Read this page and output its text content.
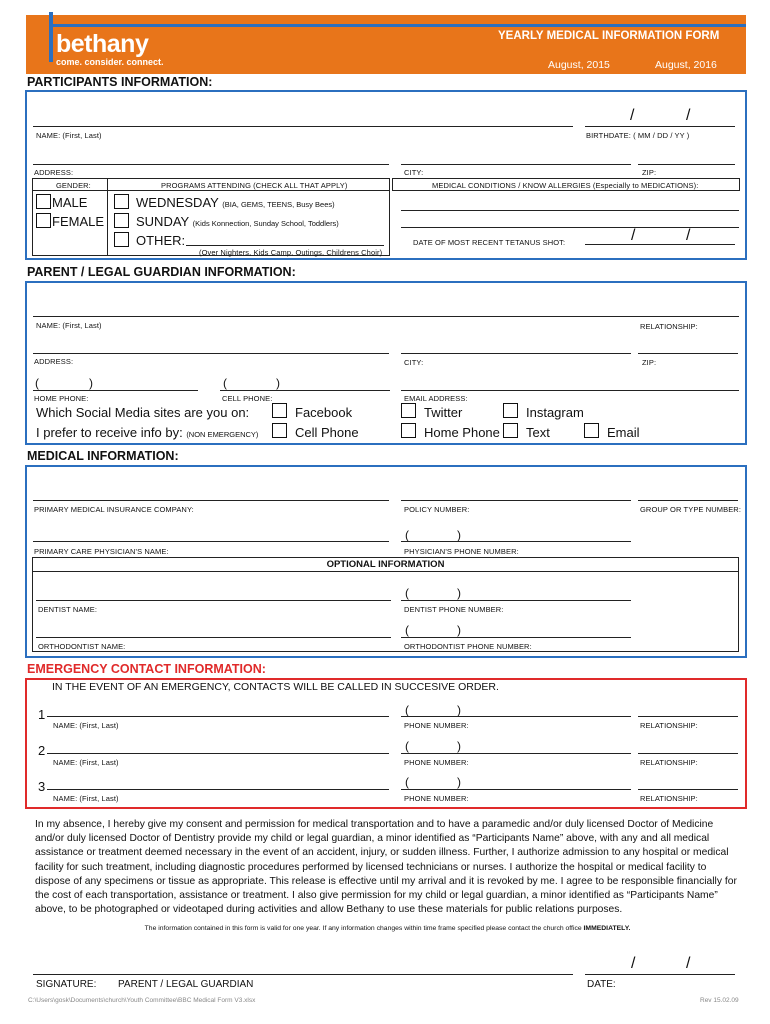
bethany
come. consider. connect.
YEARLY MEDICAL INFORMATION FORM
August, 2015	August, 2016
PARTICIPANTS INFORMATION:
/	/
NAME: (First, Last)	BIRTHDATE: ( MM / DD / YY )
ADDRESS:	CITY:	ZIP:
GENDER:	PROGRAMS ATTENDING (CHECK ALL THAT APPLY)	MEDICAL CONDITIONS / KNOW ALLERGIES (Especially to MEDICATIONS):
MALE
FEMALE
WEDNESDAY (BIA, GEMS, TEENS, Busy Bees)
SUNDAY (Kids Konnection, Sunday School, Toddlers)
OTHER:
(Over Nighters, Kids Camp, Outings, Childrens Choir)
DATE OF MOST RECENT TETANUS SHOT:	/	/
PARENT / LEGAL GUARDIAN INFORMATION:
NAME: (First, Last)	RELATIONSHIP:
ADDRESS:	CITY:	ZIP:
(	)	(	)
HOME PHONE:	CELL PHONE:	EMAIL ADDRESS:
Which Social Media sites are you on:	Facebook	Twitter	Instagram
I prefer to receive info by: (NON EMERGENCY)	Cell Phone	Home Phone Text	Email
MEDICAL INFORMATION:
PRIMARY MEDICAL INSURANCE COMPANY:	POLICY NUMBER:	GROUP OR TYPE NUMBER:
(	)
PRIMARY CARE PHYSICIAN'S NAME:	PHYSICIAN'S PHONE NUMBER:
OPTIONAL INFORMATION
(	)
DENTIST NAME:	DENTIST PHONE NUMBER:
(	)
ORTHODONTIST NAME:	ORTHODONTIST PHONE NUMBER:
EMERGENCY CONTACT INFORMATION:
IN THE EVENT OF AN EMERGENCY, CONTACTS WILL BE CALLED IN SUCCESIVE ORDER.
1	(	)
NAME: (First, Last)	PHONE NUMBER:	RELATIONSHIP:
2	(	)
NAME: (First, Last)	PHONE NUMBER:	RELATIONSHIP:
3	(	)
NAME: (First, Last)	PHONE NUMBER:	RELATIONSHIP:
In my absence, I hereby give my consent and permission for medical transportation and to have a paramedic and/or duly licensed Doctor of Medicine and/or duly licensed Doctor of Dentistry provide my child or legal guardian, a minor identified as “Participants Name” above, with any and all medical assistance or treatment deemed necessary in the event of an accident, injury, or sudden illness. Further, I authorize admission to any hospital or medical facility for such treatment, including diagnostic procedures performed by licensed technicians or nurses. I authorize the hospital or medical facility to dispose of any specimens or tissue as appropriate. This release is effective until my arrival and it is revoked by me. I agree to be responsible financially for the cost of each transportation, assistance or treatment. I also give permission for my child or legal guardian, a minor identified as “Participants Name” above, to be photographed or videotaped during activities and allow Bethany to use these materials for public relations purposes.
The information contained in this form is valid for one year. If any information changes within time frame specified please contact the church office IMMEDIATELY.
/	/
SIGNATURE: PARENT / LEGAL GUARDIAN	DATE:
C:\Users\gosk\Documents\church\Youth Committee\BBC Medical Form V3.xlsx	Rev 15.02.09
